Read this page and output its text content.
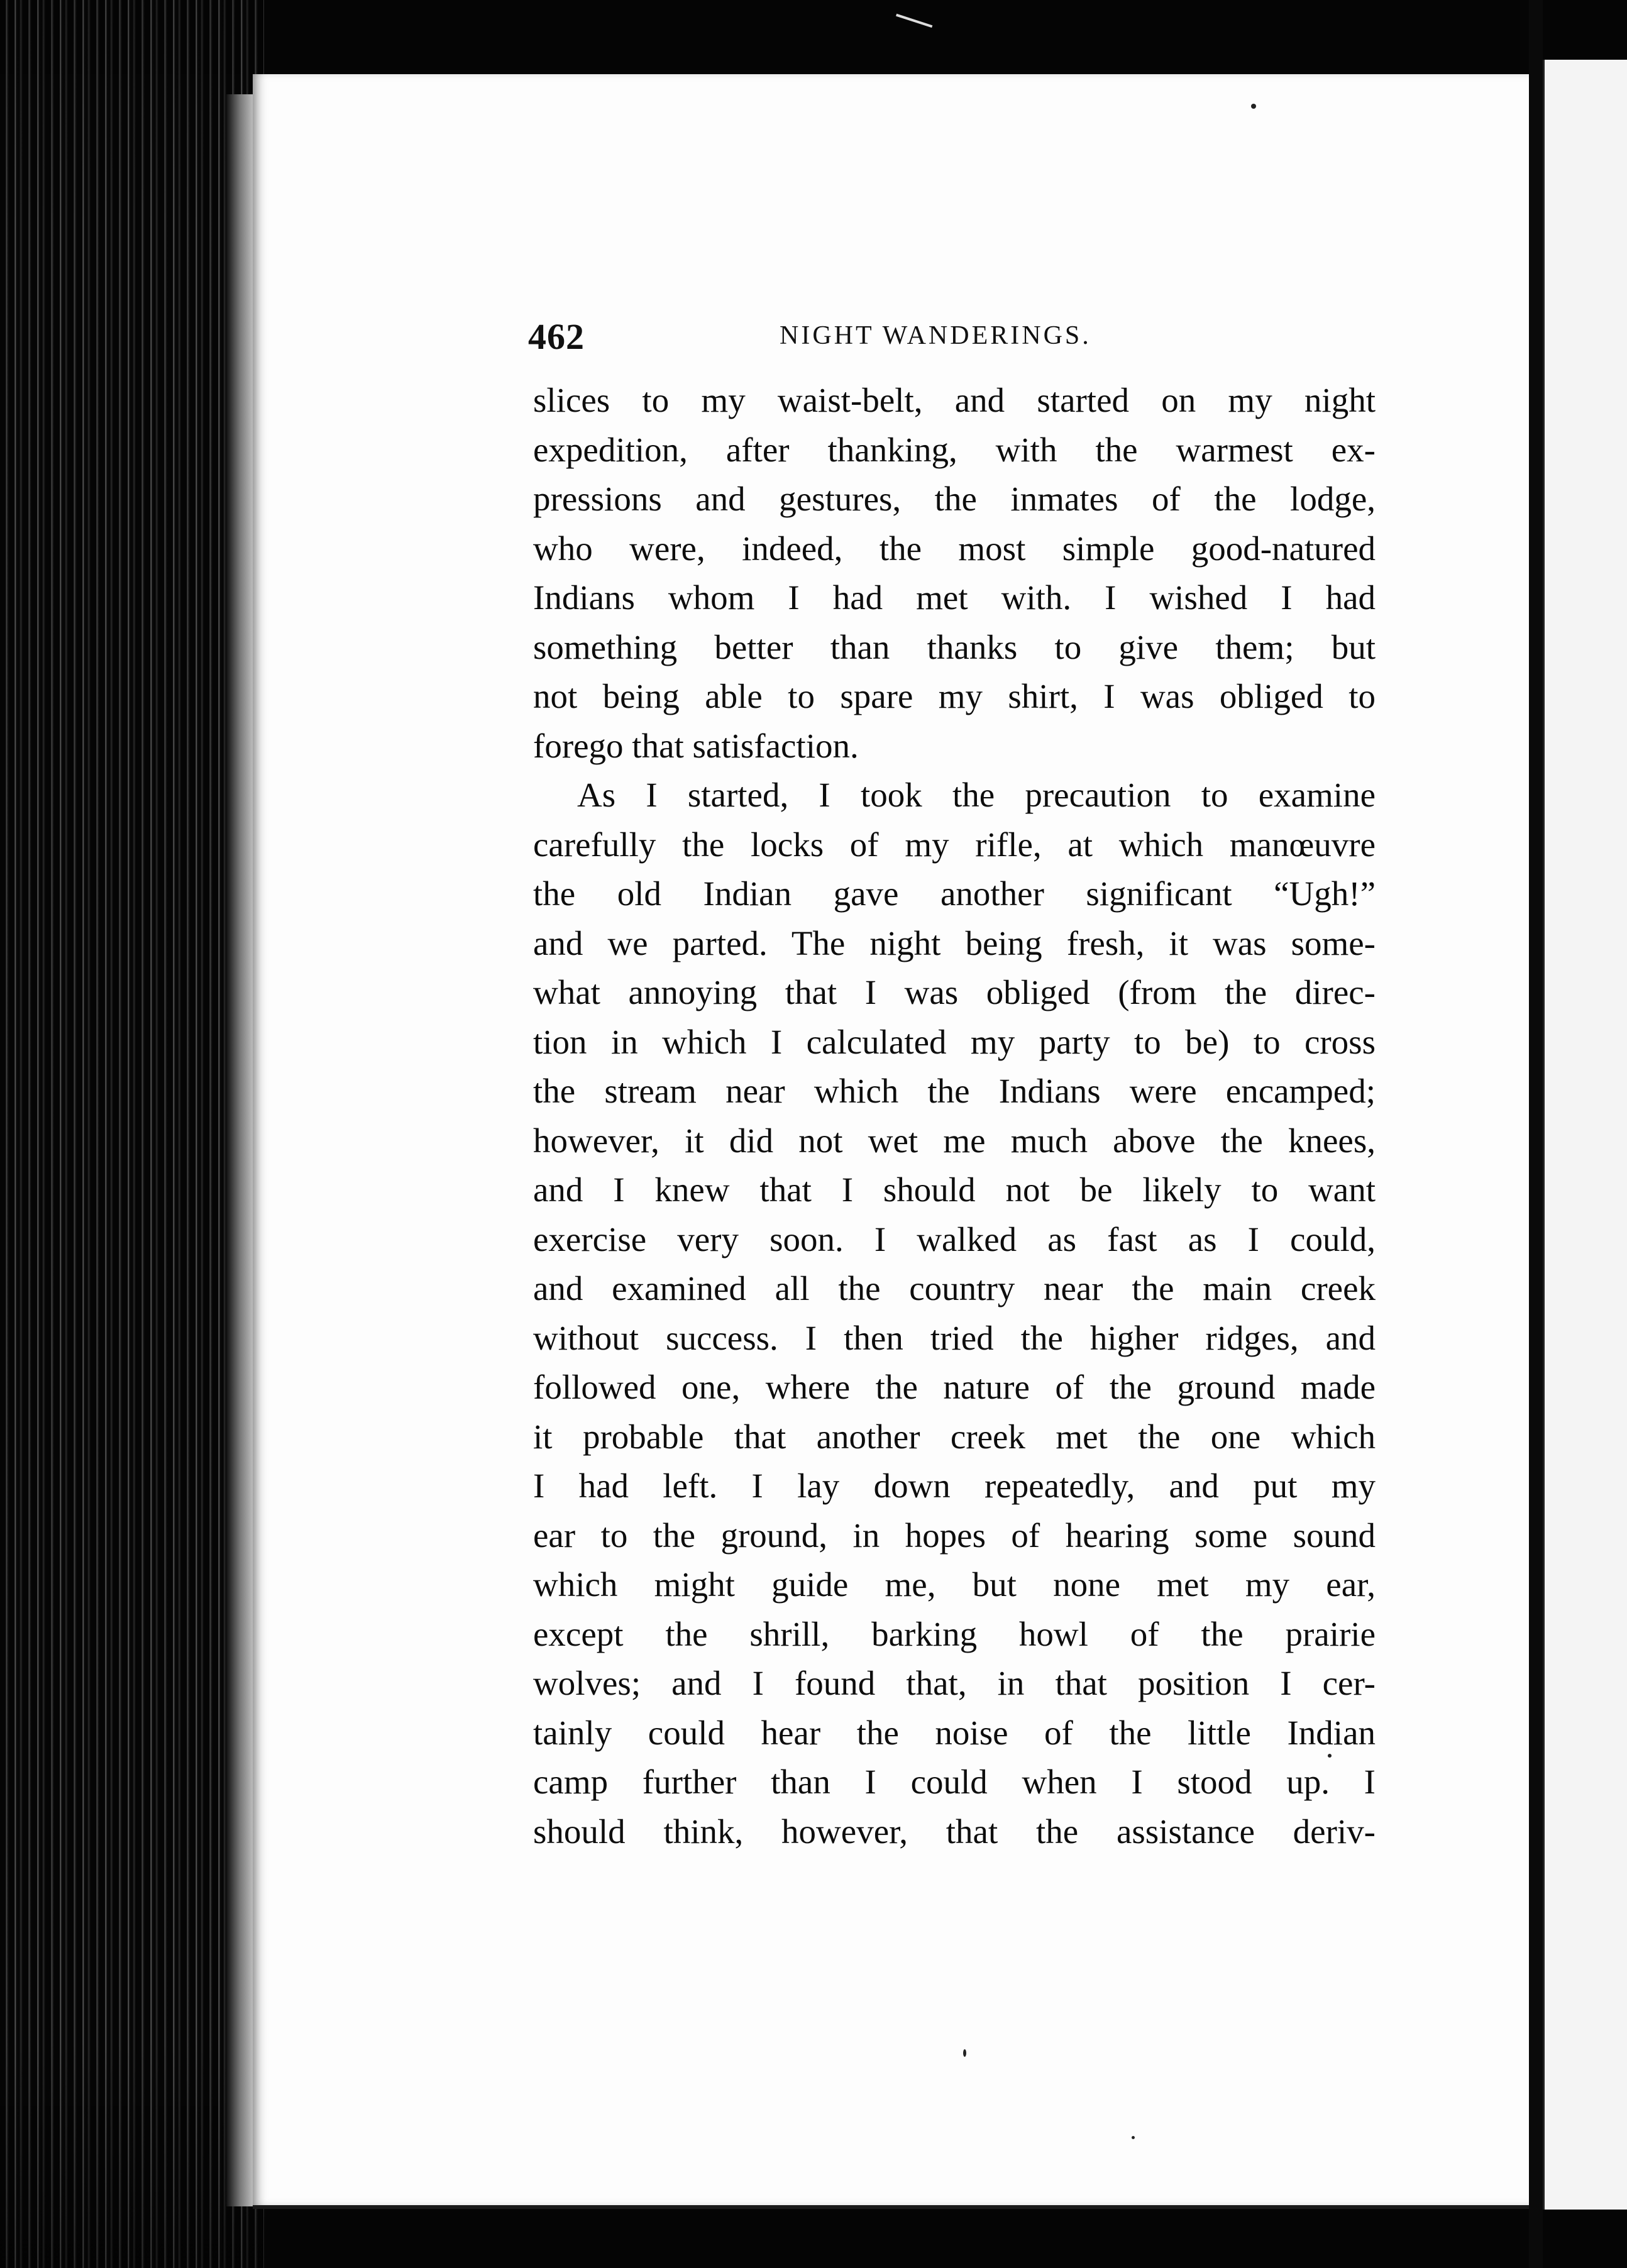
462	NIGHT WANDERINGS.
slices to my waist-belt, and started on my night
expedition, after thanking, with the warmest ex-
pressions and gestures, the inmates of the lodge,
who were, indeed, the most simple good-natured
Indians whom I had met with. I wished I had
something better than thanks to give them; but
not being able to spare my shirt, I was obliged to
forego that satisfaction.
As I started, I took the precaution to examine
carefully the locks of my rifle, at which manœuvre
the old Indian gave another significant “Ugh!”
and we parted. The night being fresh, it was some-
what annoying that I was obliged (from the direc-
tion in which I calculated my party to be) to cross
the stream near which the Indians were encamped;
however, it did not wet me much above the knees,
and I knew that I should not be likely to want
exercise very soon. I walked as fast as I could,
and examined all the country near the main creek
without success. I then tried the higher ridges, and
followed one, where the nature of the ground made
it probable that another creek met the one which
I had left. I lay down repeatedly, and put my
ear to the ground, in hopes of hearing some sound
which might guide me, but none met my ear,
except the shrill, barking howl of the prairie
wolves; and I found that, in that position I cer-
tainly could hear the noise of the little Indian
camp further than I could when I stood up. I
should think, however, that the assistance deriv-
